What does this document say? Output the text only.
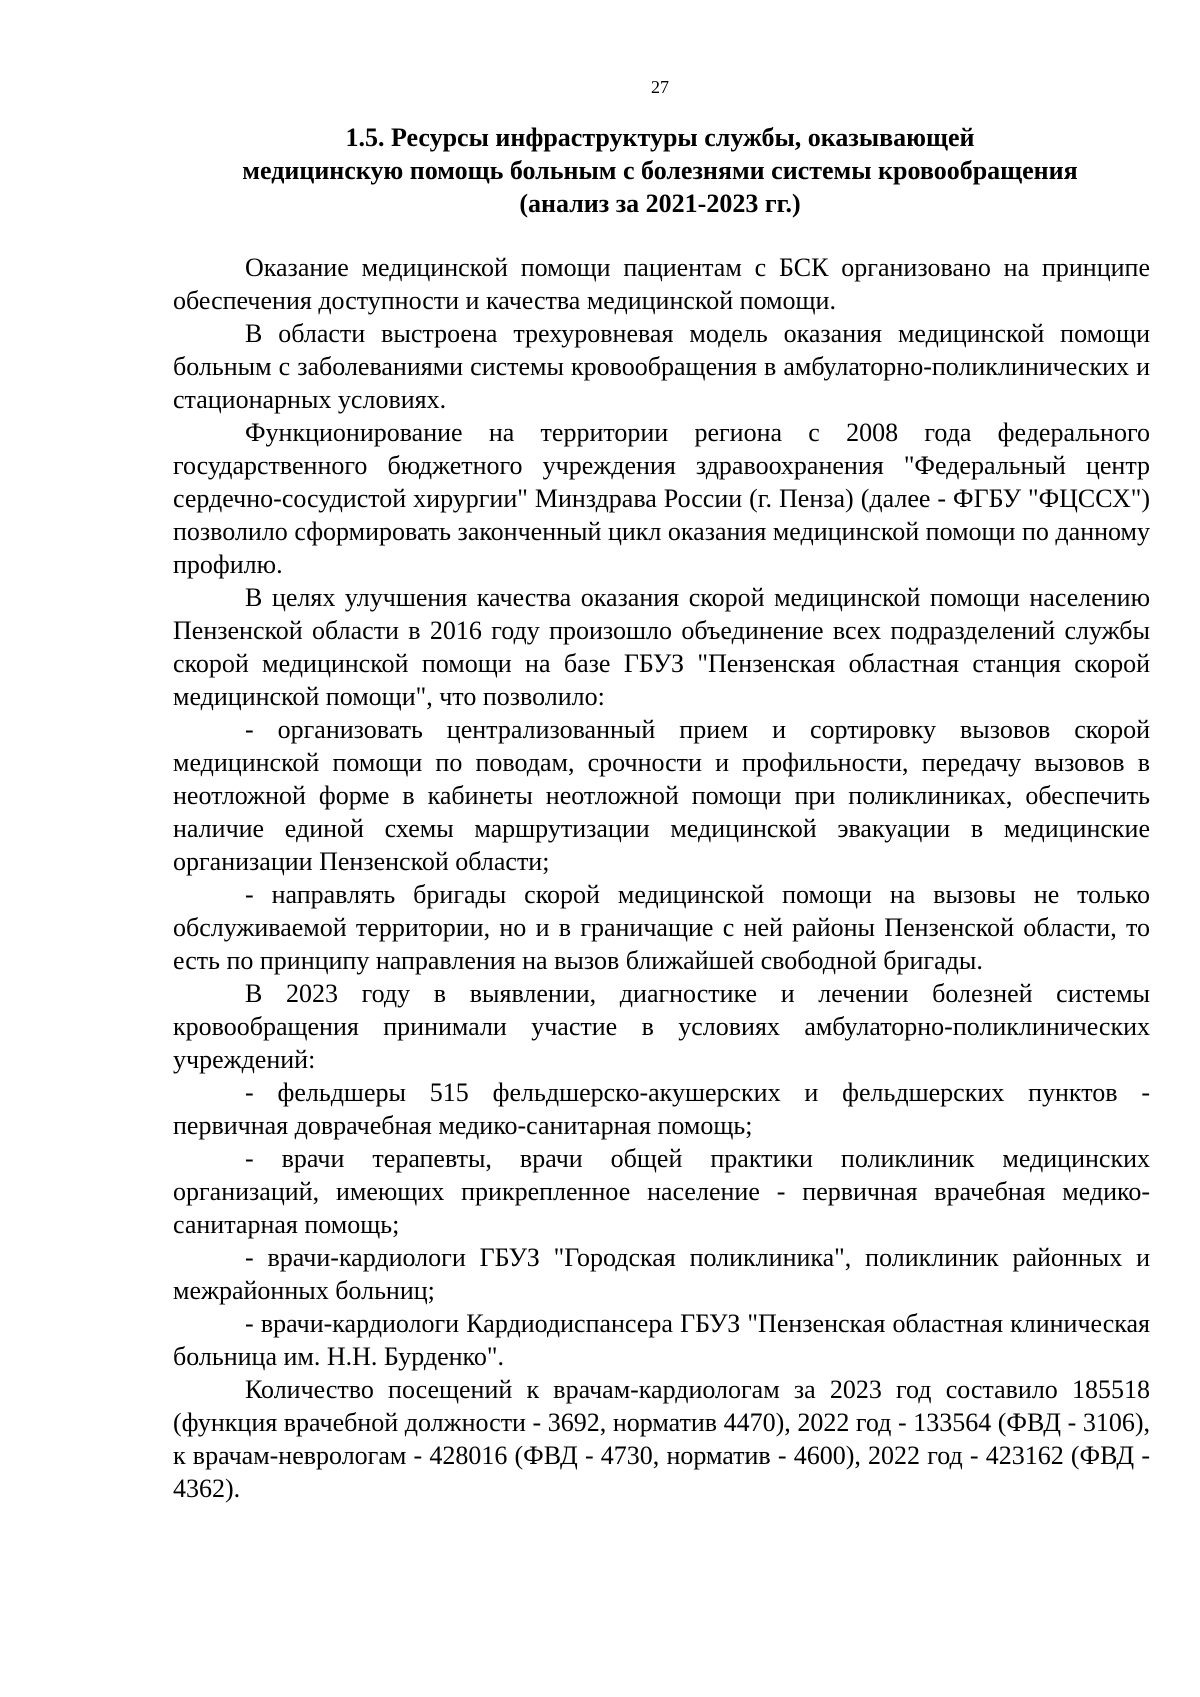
27
1.5. Ресурсы инфраструктуры службы, оказывающей
медицинскую помощь больным с болезнями системы кровообращения
(анализ за 2021-2023 гг.)

Оказание медицинской помощи пациентам с БСК организовано на принципе обеспечения доступности и качества медицинской помощи.

В области выстроена трехуровневая модель оказания медицинской помощи больным с заболеваниями системы кровообращения в амбулаторно-поликлинических и стационарных условиях.

Функционирование на территории региона с 2008 года федерального государственного бюджетного учреждения здравоохранения "Федеральный центр сердечно-сосудистой хирургии" Минздрава России (г. Пенза) (далее - ФГБУ "ФЦССХ") позволило сформировать законченный цикл оказания медицинской помощи по данному профилю.

В целях улучшения качества оказания скорой медицинской помощи населению Пензенской области в 2016 году произошло объединение всех подразделений службы скорой медицинской помощи на базе ГБУЗ "Пензенская областная станция скорой медицинской помощи", что позволило:

- организовать централизованный прием и сортировку вызовов скорой медицинской помощи по поводам, срочности и профильности, передачу вызовов в неотложной форме в кабинеты неотложной помощи при поликлиниках, обеспечить наличие единой схемы маршрутизации медицинской эвакуации в медицинские организации Пензенской области;

- направлять бригады скорой медицинской помощи на вызовы не только обслуживаемой территории, но и в граничащие с ней районы Пензенской области, то есть по принципу направления на вызов ближайшей свободной бригады.

В 2023 году в выявлении, диагностике и лечении болезней системы кровообращения принимали участие в условиях амбулаторно-поликлинических учреждений:

- фельдшеры 515 фельдшерско-акушерских и фельдшерских пунктов - первичная доврачебная медико-санитарная помощь;

- врачи терапевты, врачи общей практики поликлиник медицинских организаций, имеющих прикрепленное население - первичная врачебная медико-санитарная помощь;

- врачи-кардиологи ГБУЗ "Городская поликлиника", поликлиник районных и межрайонных больниц;

- врачи-кардиологи Кардиодиспансера ГБУЗ "Пензенская областная клиническая больница им. Н.Н. Бурденко".

Количество посещений к врачам-кардиологам за 2023 год составило 185518 (функция врачебной должности - 3692, норматив 4470), 2022 год - 133564 (ФВД - 3106), к врачам-неврологам - 428016 (ФВД - 4730, норматив - 4600), 2022 год - 423162 (ФВД - 4362).
